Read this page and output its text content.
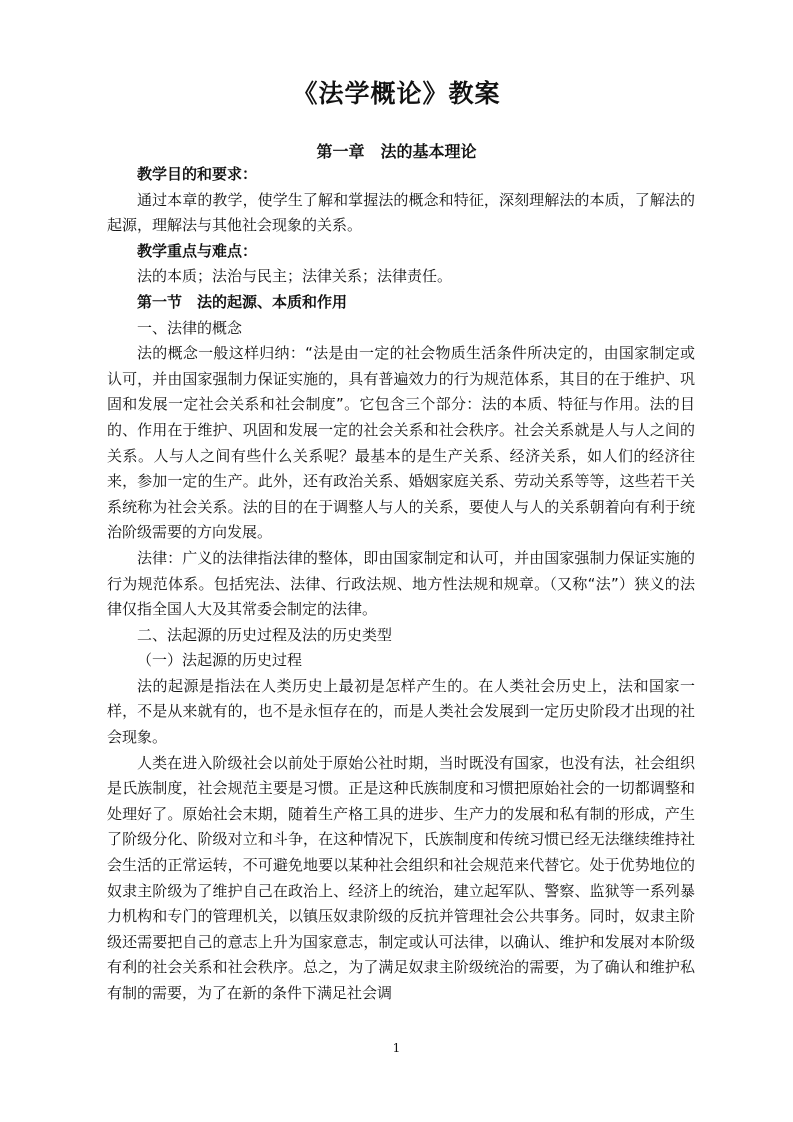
《法学概论》教案
第一章　法的基本理论

教学目的和要求：

通过本章的教学，使学生了解和掌握法的概念和特征，深刻理解法的本质，了解法的起源，理解法与其他社会现象的关系。

教学重点与难点：

法的本质；法治与民主；法律关系；法律责任。

第一节　法的起源、本质和作用

一、法律的概念

法的概念一般这样归纳：“法是由一定的社会物质生活条件所决定的，由国家制定或认可，并由国家强制力保证实施的，具有普遍效力的行为规范体系，其目的在于维护、巩固和发展一定社会关系和社会制度”。它包含三个部分：法的本质、特征与作用。法的目的、作用在于维护、巩固和发展一定的社会关系和社会秩序。社会关系就是人与人之间的关系。人与人之间有些什么关系呢？最基本的是生产关系、经济关系，如人们的经济往来，参加一定的生产。此外，还有政治关系、婚姻家庭关系、劳动关系等等，这些若干关系统称为社会关系。法的目的在于调整人与人的关系，要使人与人的关系朝着向有利于统治阶级需要的方向发展。

法律：广义的法律指法律的整体，即由国家制定和认可，并由国家强制力保证实施的行为规范体系。包括宪法、法律、行政法规、地方性法规和规章。（又称“法”）狭义的法律仅指全国人大及其常委会制定的法律。

二、法起源的历史过程及法的历史类型

（一）法起源的历史过程

法的起源是指法在人类历史上最初是怎样产生的。在人类社会历史上，法和国家一样，不是从来就有的，也不是永恒存在的，而是人类社会发展到一定历史阶段才出现的社会现象。

人类在进入阶级社会以前处于原始公社时期，当时既没有国家，也没有法，社会组织是氏族制度，社会规范主要是习惯。正是这种氏族制度和习惯把原始社会的一切都调整和处理好了。原始社会末期，随着生产格工具的进步、生产力的发展和私有制的形成，产生了阶级分化、阶级对立和斗争，在这种情况下，氏族制度和传统习惯已经无法继续维持社会生活的正常运转，不可避免地要以某种社会组织和社会规范来代替它。处于优势地位的奴隶主阶级为了维护自己在政治上、经济上的统治，建立起军队、警察、监狱等一系列暴力机构和专门的管理机关，以镇压奴隶阶级的反抗并管理社会公共事务。同时，奴隶主阶级还需要把自己的意志上升为国家意志，制定或认可法律，以确认、维护和发展对本阶级有利的社会关系和社会秩序。总之，为了满足奴隶主阶级统治的需要，为了确认和维护私有制的需要，为了在新的条件下满足社会调

1
